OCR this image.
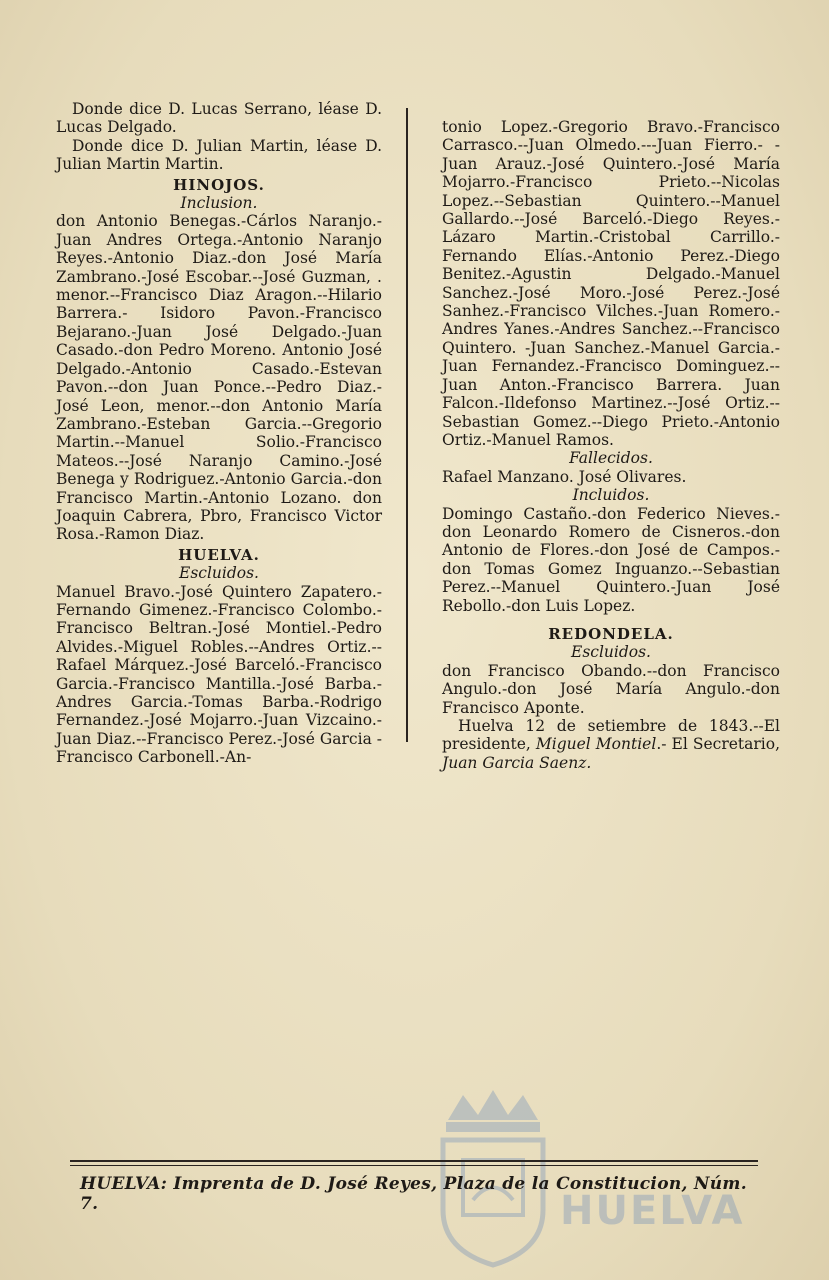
Donde dice D. Lucas Serrano, léase D. Lucas Delgado.

Donde dice D. Julian Martin, léase D. Julian Martin Martin.

HINOJOS.

Inclusion.

don Antonio Benegas.-Cárlos Naranjo.-Juan Andres Ortega.-Antonio Naranjo Reyes.-Antonio Diaz.-don José María Zambrano.-José Escobar.--José Guzman, . menor.--Francisco Diaz Aragon.--Hilario Barrera.- Isidoro Pavon.-Francisco Bejarano.-Juan José Delgado.-Juan Casado.-don Pedro Moreno. Antonio José Delgado.-Antonio Casado.-Estevan Pavon.--don Juan Ponce.--Pedro Diaz.-José Leon, menor.--don Antonio María Zambrano.-Esteban Garcia.--Gregorio Martin.--Manuel Solio.-Francisco Mateos.--José Naranjo Camino.-José Benega y Rodriguez.-Antonio Garcia.-don Francisco Martin.-Antonio Lozano. don Joaquin Cabrera, Pbro, Francisco Victor Rosa.-Ramon Diaz.

HUELVA.

Escluidos.

Manuel Bravo.-José Quintero Zapatero.-Fernando Gimenez.-Francisco Colombo.-Francisco Beltran.-José Montiel.-Pedro Alvides.-Miguel Robles.--Andres Ortiz.--Rafael Márquez.-José Barceló.-Francisco Garcia.-Francisco Mantilla.-José Barba.-Andres Garcia.-Tomas Barba.-Rodrigo Fernandez.-José Mojarro.-Juan Vizcaino.-Juan Diaz.--Francisco Perez.-José Garcia -Francisco Carbonell.-An-

tonio Lopez.-Gregorio Bravo.-Francisco Carrasco.--Juan Olmedo.---Juan Fierro.- -Juan Arauz.-José Quintero.-José María Mojarro.-Francisco Prieto.--Nicolas Lopez.--Sebastian Quintero.--Manuel Gallardo.--José Barceló.-Diego Reyes.-Lázaro Martin.-Cristobal Carrillo.-Fernando Elías.-Antonio Perez.-Diego Benitez.-Agustin Delgado.-Manuel Sanchez.-José Moro.-José Perez.-José Sanhez.-Francisco Vilches.-Juan Romero.-Andres Yanes.-Andres Sanchez.--Francisco Quintero. -Juan Sanchez.-Manuel Garcia.-Juan Fernandez.-Francisco Dominguez.--Juan Anton.-Francisco Barrera. Juan Falcon.-Ildefonso Martinez.--José Ortiz.--Sebastian Gomez.--Diego Prieto.-Antonio Ortiz.-Manuel Ramos.

Fallecidos.

Rafael Manzano. José Olivares.

Incluidos.

Domingo Castaño.-don Federico Nieves.-don Leonardo Romero de Cisneros.-don Antonio de Flores.-don José de Campos.-don Tomas Gomez Inguanzo.--Sebastian Perez.--Manuel Quintero.-Juan José Rebollo.-don Luis Lopez.

REDONDELA.

Escluidos.

don Francisco Obando.--don Francisco Angulo.-don José María Angulo.-don Francisco Aponte.

Huelva 12 de setiembre de 1843.--El presidente, Miguel Montiel.- El Secretario, Juan Garcia Saenz.

HUELVA
HUELVA: Imprenta de D. José Reyes, Plaza de la Constitucion, Núm. 7.
